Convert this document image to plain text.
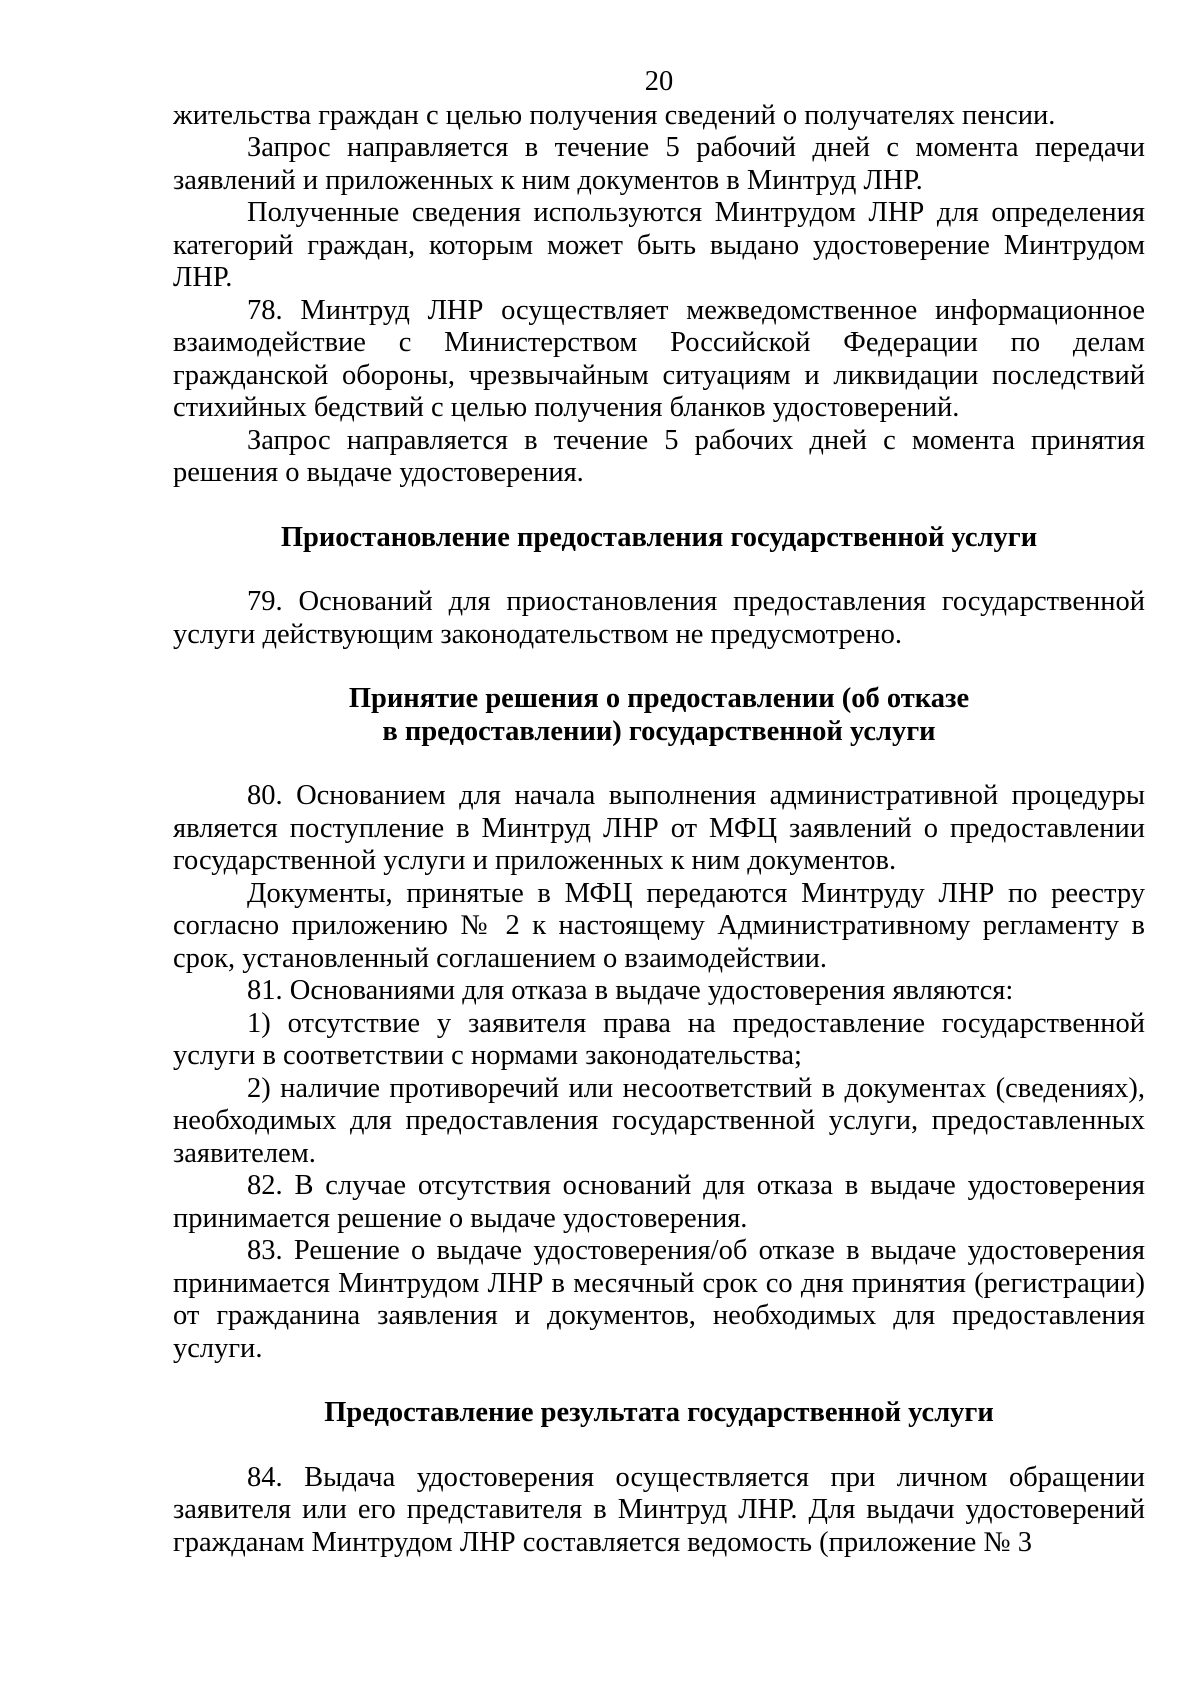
20

жительства граждан с целью получения сведений о получателях пенсии.

Запрос направляется в течение 5 рабочий дней с момента передачи заявлений и приложенных к ним документов в Минтруд ЛНР.

Полученные сведения используются Минтрудом ЛНР для определения категорий граждан, которым может быть выдано удостоверение Минтрудом ЛНР.

78. Минтруд ЛНР осуществляет межведомственное информационное взаимодействие с Министерством Российской Федерации по делам гражданской обороны, чрезвычайным ситуациям и ликвидации последствий стихийных бедствий с целью получения бланков удостоверений.

Запрос направляется в течение 5 рабочих дней с момента принятия решения о выдаче удостоверения.

Приостановление предоставления государственной услуги

79. Оснований для приостановления предоставления государственной услуги действующим законодательством не предусмотрено.

Принятие решения о предоставлении (об отказе
в предоставлении) государственной услуги

80. Основанием для начала выполнения административной процедуры является поступление в Минтруд ЛНР от МФЦ заявлений о предоставлении государственной услуги и приложенных к ним документов.

Документы, принятые в МФЦ передаются Минтруду ЛНР по реестру согласно приложению № 2 к настоящему Административному регламенту в срок, установленный соглашением о взаимодействии.

81. Основаниями для отказа в выдаче удостоверения являются:

1) отсутствие у заявителя права на предоставление государственной услуги в соответствии с нормами законодательства;

2) наличие противоречий или несоответствий в документах (сведениях), необходимых для предоставления государственной услуги, предоставленных заявителем.

82. В случае отсутствия оснований для отказа в выдаче удостоверения принимается решение о выдаче удостоверения.

83. Решение о выдаче удостоверения/об отказе в выдаче удостоверения принимается Минтрудом ЛНР в месячный срок со дня принятия (регистрации) от гражданина заявления и документов, необходимых для предоставления услуги.

Предоставление результата государственной услуги

84. Выдача удостоверения осуществляется при личном обращении заявителя или его представителя в Минтруд ЛНР. Для выдачи удостоверений гражданам Минтрудом ЛНР составляется ведомость (приложение № 3
